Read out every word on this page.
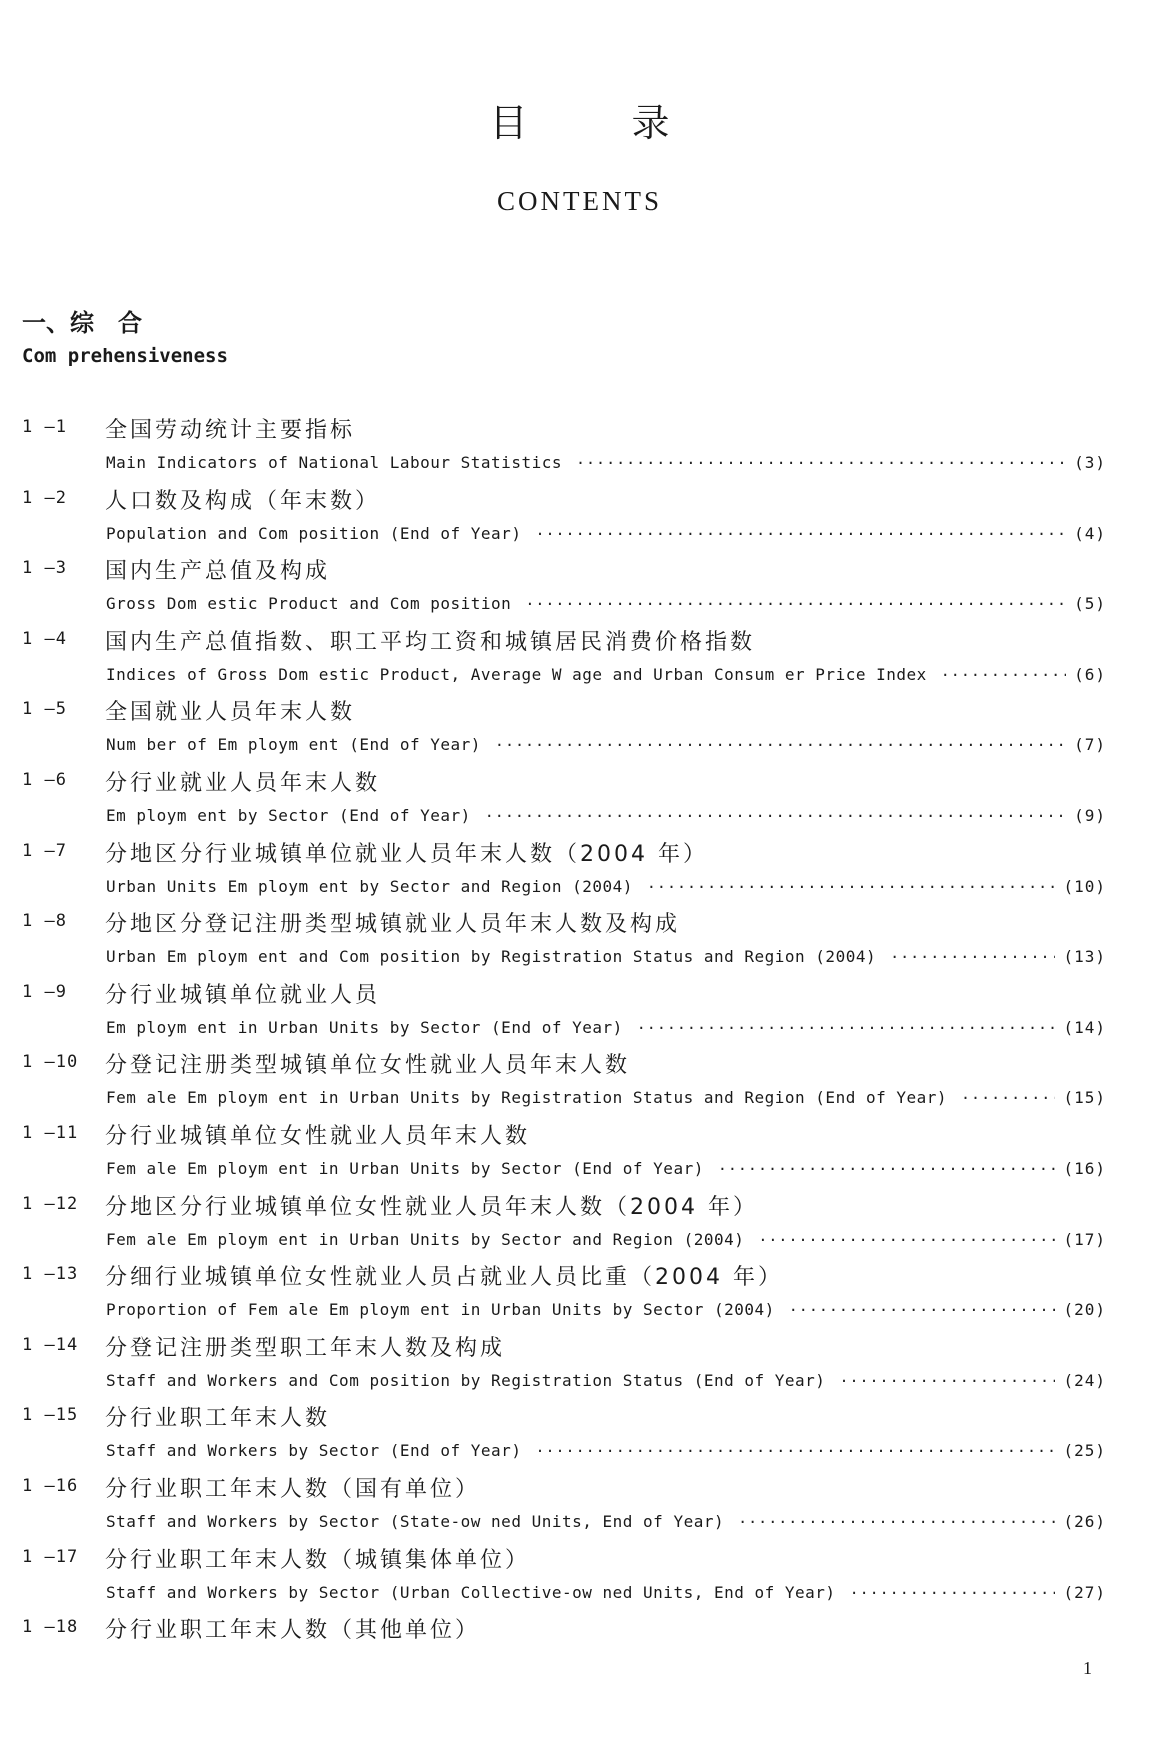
目	录
CONTENTS
一、综　合
Com prehensiveness
1 —1 全国劳动统计主要指标
Main Indicators of National Labour Statistics ·····	(3)
1 —2 人口数及构成（年末数）
Population and Com position (End of Year) ·····	(4)
1 —3 国内生产总值及构成
Gross Dom estic Product and Com position ·····	(5)
1 —4 国内生产总值指数、职工平均工资和城镇居民消费价格指数
Indices of Gross Dom estic Product, Average W age and Urban Consum er Price Index ·····	(6)
1 —5 全国就业人员年末人数
Num ber of Em ploym ent (End of Year) ·····	(7)
1 —6 分行业就业人员年末人数
Em ploym ent by Sector (End of Year) ·····	(9)
1 —7 分地区分行业城镇单位就业人员年末人数（2004 年）
Urban Units Em ploym ent by Sector and Region (2004) ·····	(10)
1 —8 分地区分登记注册类型城镇就业人员年末人数及构成
Urban Em ploym ent and Com position by Registration Status and Region (2004) ·····	(13)
1 —9 分行业城镇单位就业人员
Em ploym ent in Urban Units by Sector (End of Year) ·····	(14)
1 —10 分登记注册类型城镇单位女性就业人员年末人数
Fem ale Em ploym ent in Urban Units by Registration Status and Region (End of Year) ·····	(15)
1 —11 分行业城镇单位女性就业人员年末人数
Fem ale Em ploym ent in Urban Units by Sector (End of Year) ·····	(16)
1 —12 分地区分行业城镇单位女性就业人员年末人数（2004 年）
Fem ale Em ploym ent in Urban Units by Sector and Region (2004) ·····	(17)
1 —13 分细行业城镇单位女性就业人员占就业人员比重（2004 年）
Proportion of Fem ale Em ploym ent in Urban Units by Sector (2004) ·····	(20)
1 —14 分登记注册类型职工年末人数及构成
Staff and Workers and Com position by Registration Status (End of Year) ·····	(24)
1 —15 分行业职工年末人数
Staff and Workers by Sector (End of Year) ·····	(25)
1 —16 分行业职工年末人数（国有单位）
Staff and Workers by Sector (State-ow ned Units, End of Year) ·····	(26)
1 —17 分行业职工年末人数（城镇集体单位）
Staff and Workers by Sector (Urban Collective-ow ned Units, End of Year) ·····	(27)
1 —18 分行业职工年末人数（其他单位）
1
